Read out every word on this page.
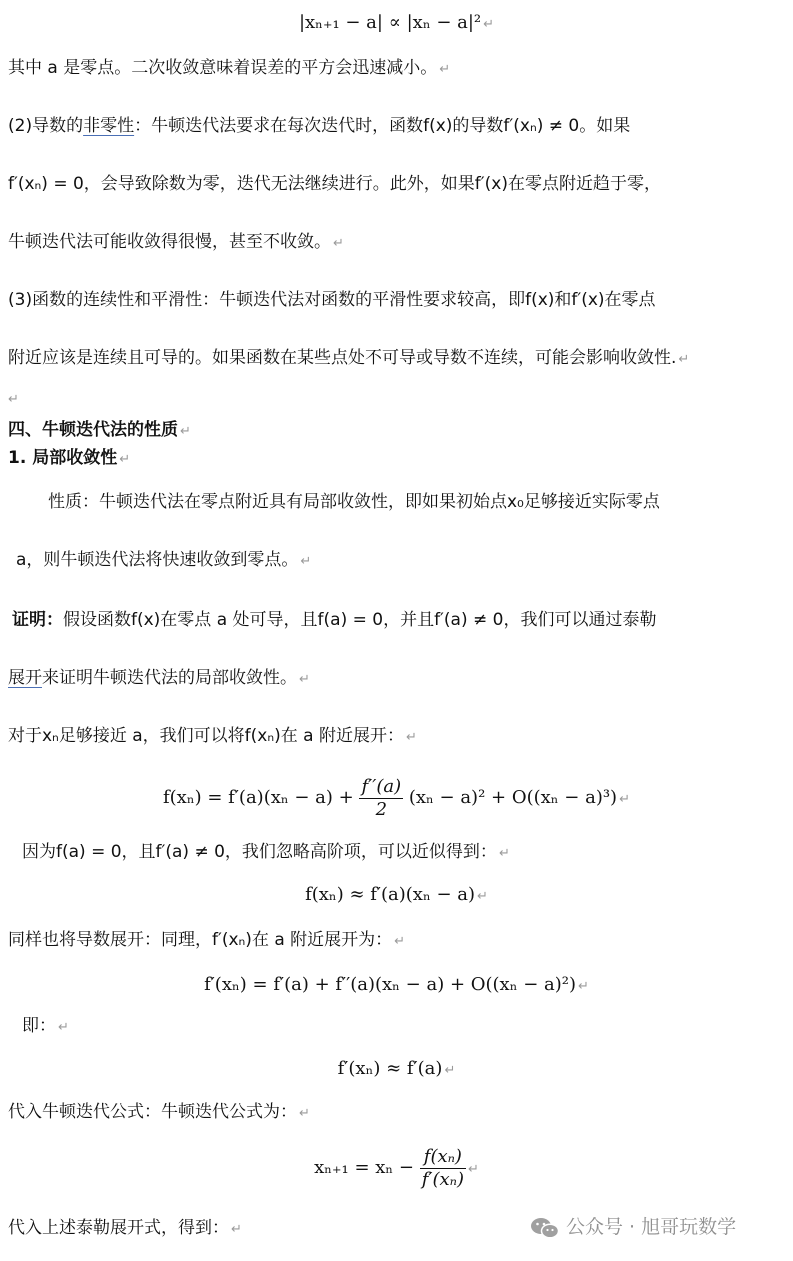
|xₙ₊₁ − a| ∝ |xₙ − a|² ↵
其中 a 是零点。二次收敛意味着误差的平方会迅速减小。 ↵
(2)导数的非零性：牛顿迭代法要求在每次迭代时，函数f(x)的导数f′(xₙ) ≠ 0。如果
f′(xₙ) = 0，会导致除数为零，迭代无法继续进行。此外，如果f′(x)在零点附近趋于零，
牛顿迭代法可能收敛得很慢，甚至不收敛。 ↵
(3)函数的连续性和平滑性：牛顿迭代法对函数的平滑性要求较高，即f(x)和f′(x)在零点
附近应该是连续且可导的。如果函数在某些点处不可导或导数不连续，可能会影响收敛性. ↵
↵
四、牛顿迭代法的性质 ↵
1. 局部收敛性 ↵
性质：牛顿迭代法在零点附近具有局部收敛性，即如果初始点x₀足够接近实际零点
a，则牛顿迭代法将快速收敛到零点。 ↵
证明：假设函数f(x)在零点 a 处可导，且f(a) = 0，并且f′(a) ≠ 0，我们可以通过泰勒
展开来证明牛顿迭代法的局部收敛性。 ↵
对于xₙ足够接近 a，我们可以将f(xₙ)在 a 附近展开： ↵
$f(x_n) = f'(a)(x_n - a) + \frac{f''(a)}{2} (x_n - a)^2 + O((x_n - a)^3)$ ↵
因为f(a) = 0，且f′(a) ≠ 0，我们忽略高阶项，可以近似得到： ↵
f(xₙ) ≈ f′(a)(xₙ − a) ↵
同样也将导数展开：同理，f′(xₙ)在 a 附近展开为： ↵
f′(xₙ) = f′(a) + f′′(a)(xₙ − a) + O((xₙ − a)²) ↵
即： ↵
f′(xₙ) ≈ f′(a) ↵
代入牛顿迭代公式：牛顿迭代公式为： ↵
$x_{n+1} = x_n - \frac{\text{f(xₙ)}}{\text{f′(xₙ)}}$ ↵
代入上述泰勒展开式，得到： ↵	公众号 · 旭哥玩数学
